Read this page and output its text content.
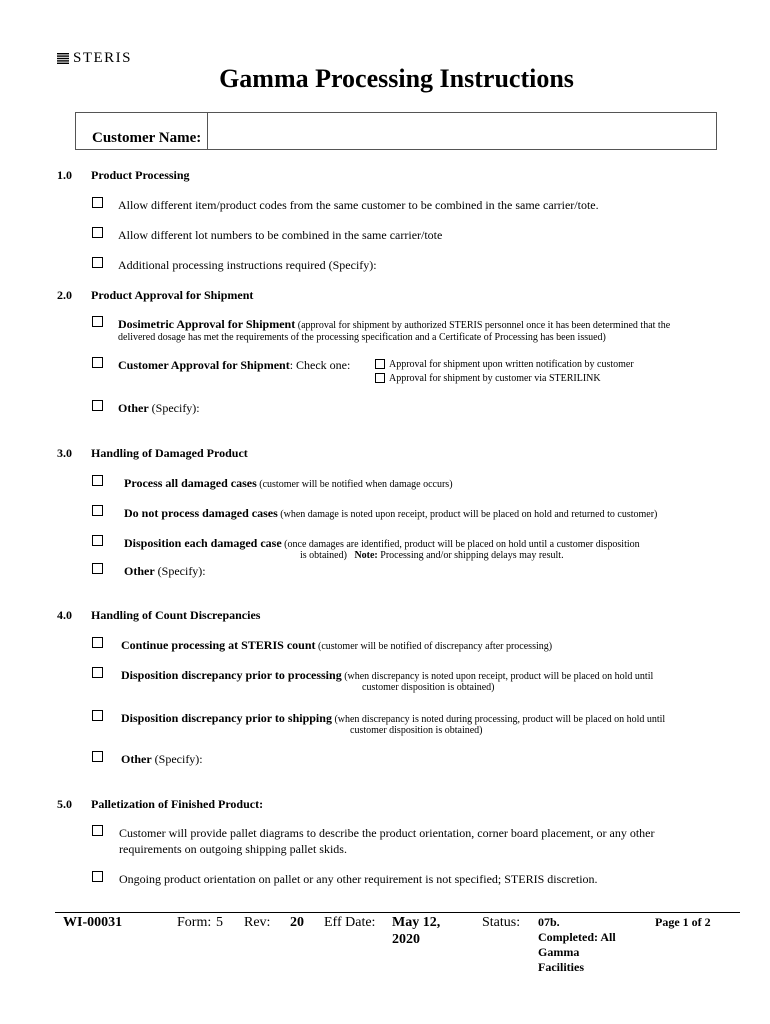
STERIS
Gamma Processing Instructions
Customer Name:
1.0 Product Processing
Allow different item/product codes from the same customer to be combined in the same carrier/tote.
Allow different lot numbers to be combined in the same carrier/tote
Additional processing instructions required (Specify):
2.0 Product Approval for Shipment
Dosimetric Approval for Shipment (approval for shipment by authorized STERIS personnel once it has been determined that the
delivered dosage has met the requirements of the processing specification and a Certificate of Processing has been issued)
Customer Approval for Shipment: Check one:	Approval for shipment upon written notification by customer
Approval for shipment by customer via STERILINK
Other (Specify):
3.0 Handling of Damaged Product
Process all damaged cases (customer will be notified when damage occurs)
Do not process damaged cases (when damage is noted upon receipt, product will be placed on hold and returned to customer)
Disposition each damaged case (once damages are identified, product will be placed on hold until a customer disposition
is obtained) Note: Processing and/or shipping delays may result.
Other (Specify):
4.0 Handling of Count Discrepancies
Continue processing at STERIS count (customer will be notified of discrepancy after processing)
Disposition discrepancy prior to processing (when discrepancy is noted upon receipt, product will be placed on hold until
customer disposition is obtained)
Disposition discrepancy prior to shipping (when discrepancy is noted during processing, product will be placed on hold until
customer disposition is obtained)
Other (Specify):
5.0 Palletization of Finished Product:
Customer will provide pallet diagrams to describe the product orientation, corner board placement, or any other
requirements on outgoing shipping pallet skids.
Ongoing product orientation on pallet or any other requirement is not specified; STERIS discretion.
WI-00031	Form: 5 Rev: 20 Eff Date: May 12,
2020
Status: 07b.
Completed: All
Gamma
Facilities
Page 1 of 2
